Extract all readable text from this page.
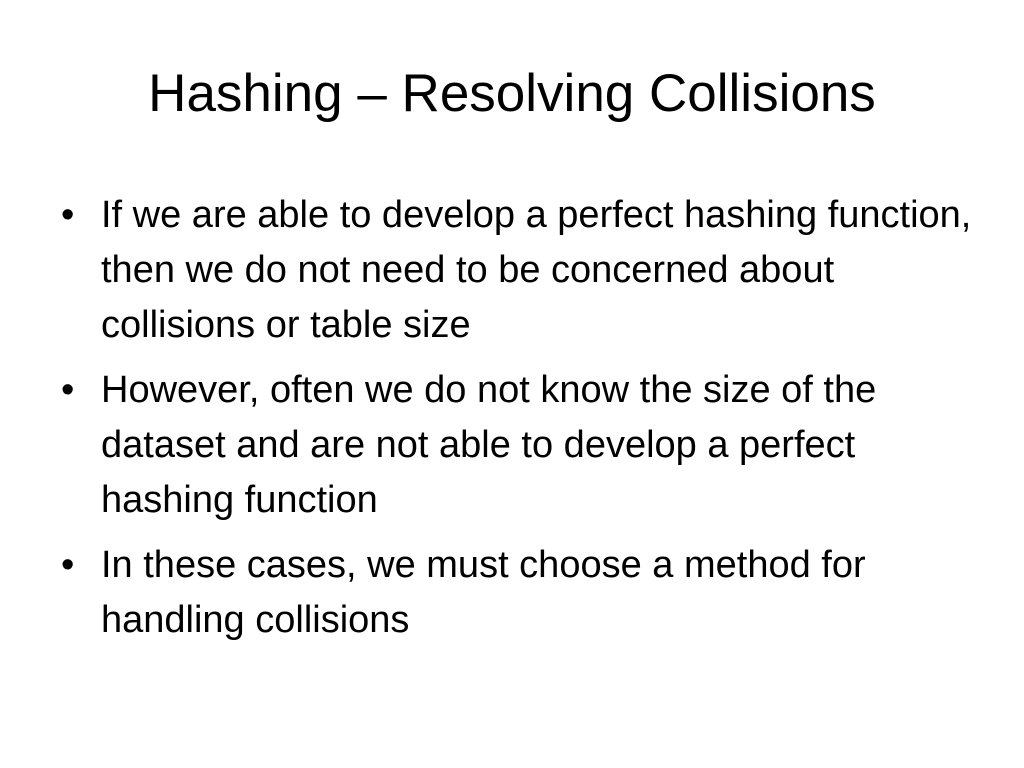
Hashing – Resolving Collisions
• If we are able to develop a perfect hashing function, then we do not need to be concerned about collisions or table size
• However, often we do not know the size of the dataset and are not able to develop a perfect hashing function
• In these cases, we must choose a method for handling collisions
